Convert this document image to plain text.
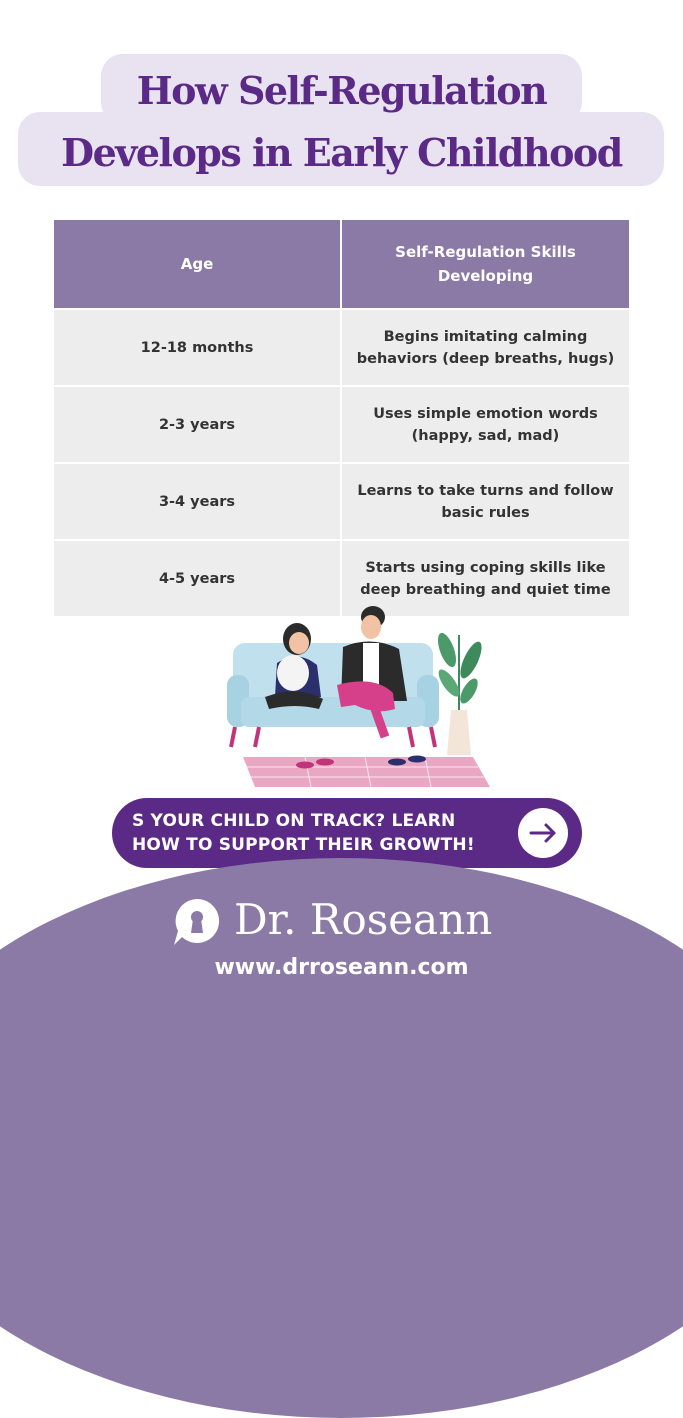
How Self-Regulation
Develops in Early Childhood
Age	Self-Regulation Skills Developing
12-18 months	Begins imitating calming behaviors (deep breaths, hugs)
2-3 years	Uses simple emotion words (happy, sad, mad)
3-4 years	Learns to take turns and follow basic rules
4-5 years	Starts using coping skills like deep breathing and quiet time
S YOUR CHILD ON TRACK? LEARN
HOW TO SUPPORT THEIR GROWTH!
Dr. Roseann
www.drroseann.com
